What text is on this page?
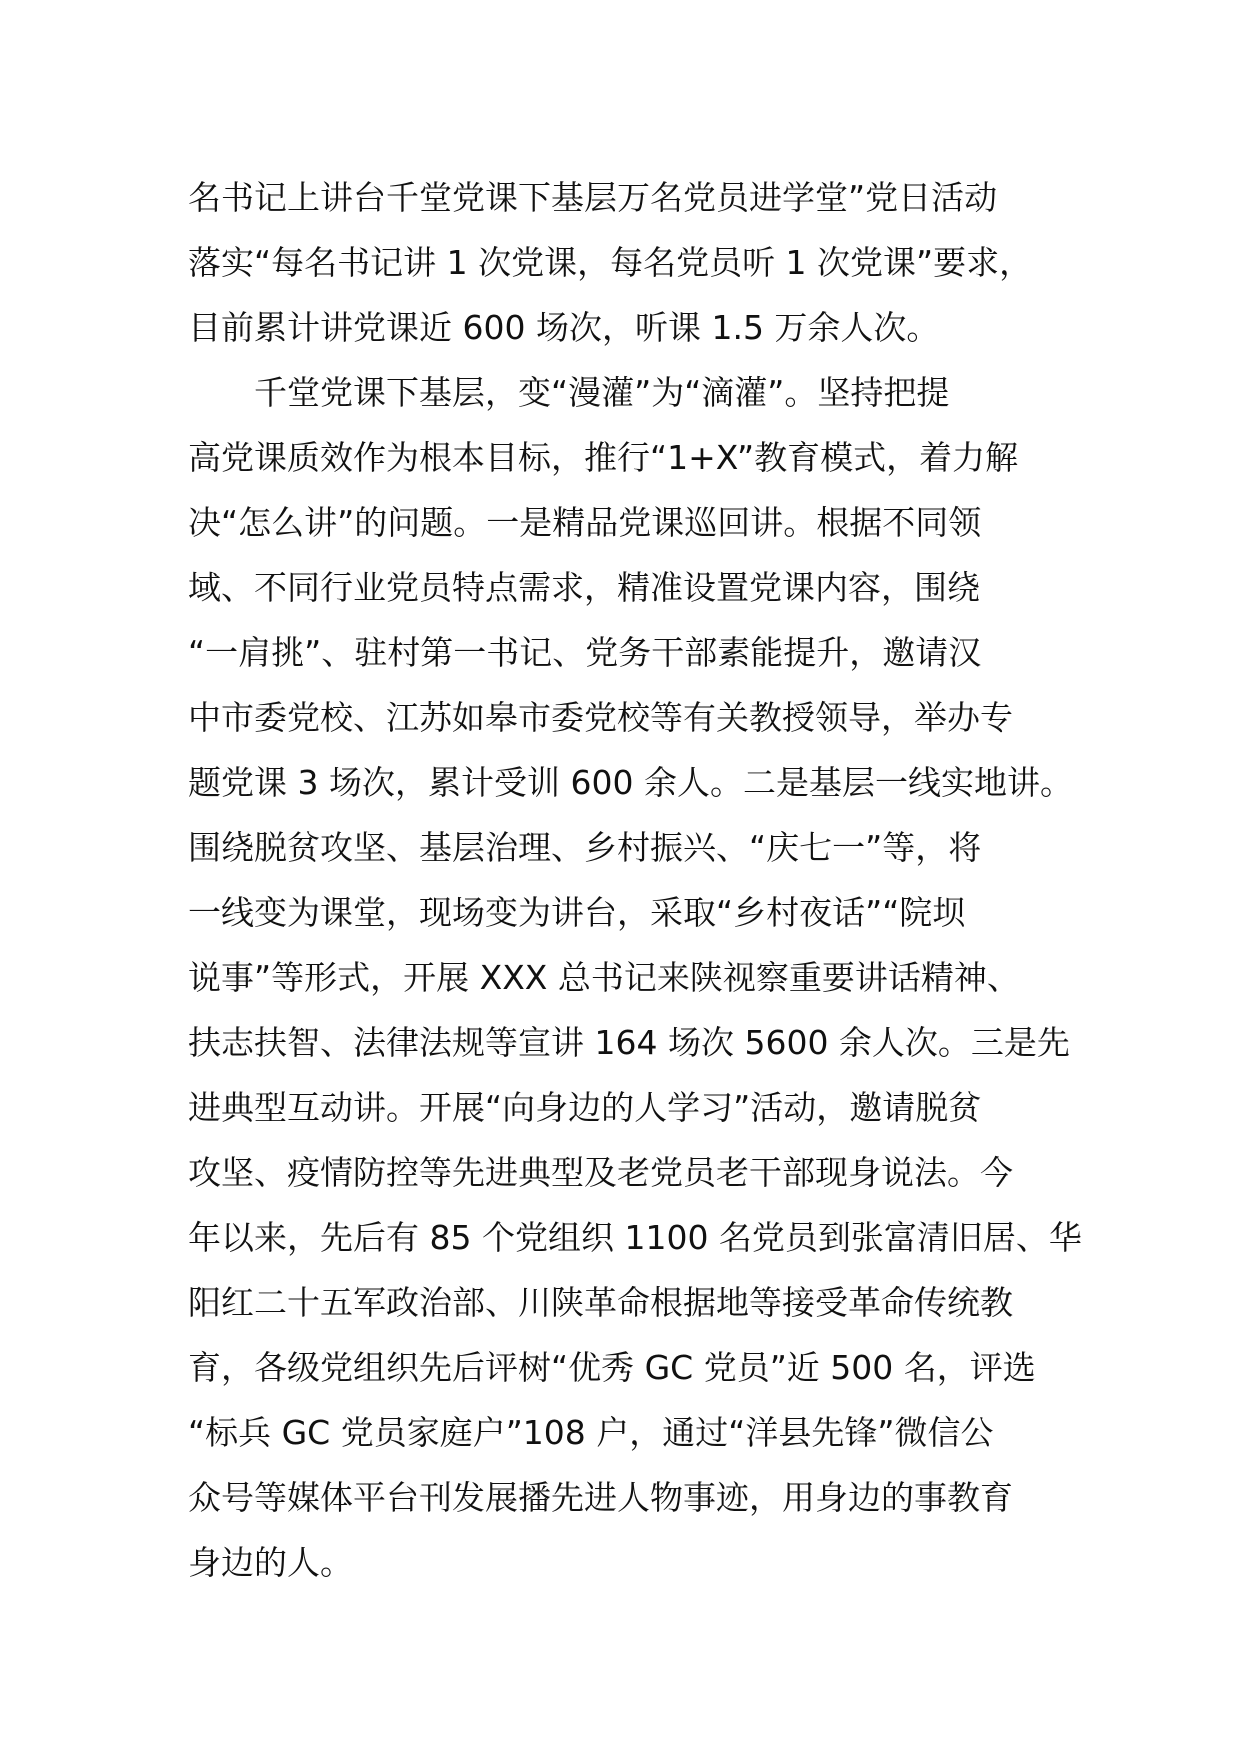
名书记上讲台千堂党课下基层万名党员进学堂”党日活动
落实“每名书记讲 1 次党课，每名党员听 1 次党课”要求，
目前累计讲党课近 600 场次，听课 1.5 万余人次。
　　千堂党课下基层，变“漫灌”为“滴灌”。坚持把提
高党课质效作为根本目标，推行“1+X”教育模式，着力解
决“怎么讲”的问题。一是精品党课巡回讲。根据不同领
域、不同行业党员特点需求，精准设置党课内容，围绕
“一肩挑”、驻村第一书记、党务干部素能提升，邀请汉
中市委党校、江苏如皋市委党校等有关教授领导，举办专
题党课 3 场次，累计受训 600 余人。二是基层一线实地讲。
围绕脱贫攻坚、基层治理、乡村振兴、“庆七一”等，将
一线变为课堂，现场变为讲台，采取“乡村夜话”“院坝
说事”等形式，开展 XXX 总书记来陕视察重要讲话精神、
扶志扶智、法律法规等宣讲 164 场次 5600 余人次。三是先
进典型互动讲。开展“向身边的人学习”活动，邀请脱贫
攻坚、疫情防控等先进典型及老党员老干部现身说法。今
年以来，先后有 85 个党组织 1100 名党员到张富清旧居、华
阳红二十五军政治部、川陕革命根据地等接受革命传统教
育，各级党组织先后评树“优秀 GC 党员”近 500 名，评选
“标兵 GC 党员家庭户”108 户，通过“洋县先锋”微信公
众号等媒体平台刊发展播先进人物事迹，用身边的事教育
身边的人。
